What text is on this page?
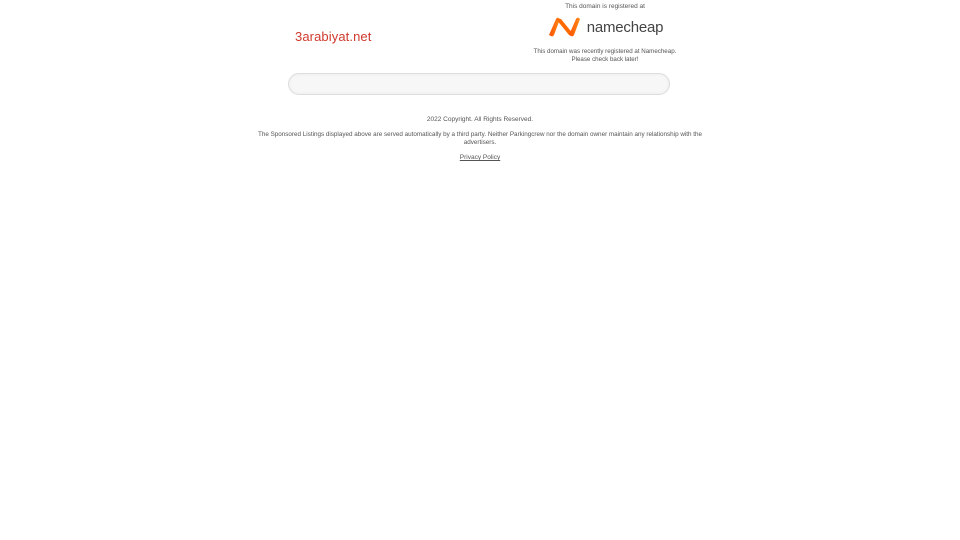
3arabiyat.net
This domain is registered at
namecheap
This domain was recently registered at Namecheap.
Please check back later!
2022 Copyright. All Rights Reserved.
The Sponsored Listings displayed above are served automatically by a third party. Neither Parkingcrew nor the domain owner maintain any relationship with the advertisers.
Privacy Policy
